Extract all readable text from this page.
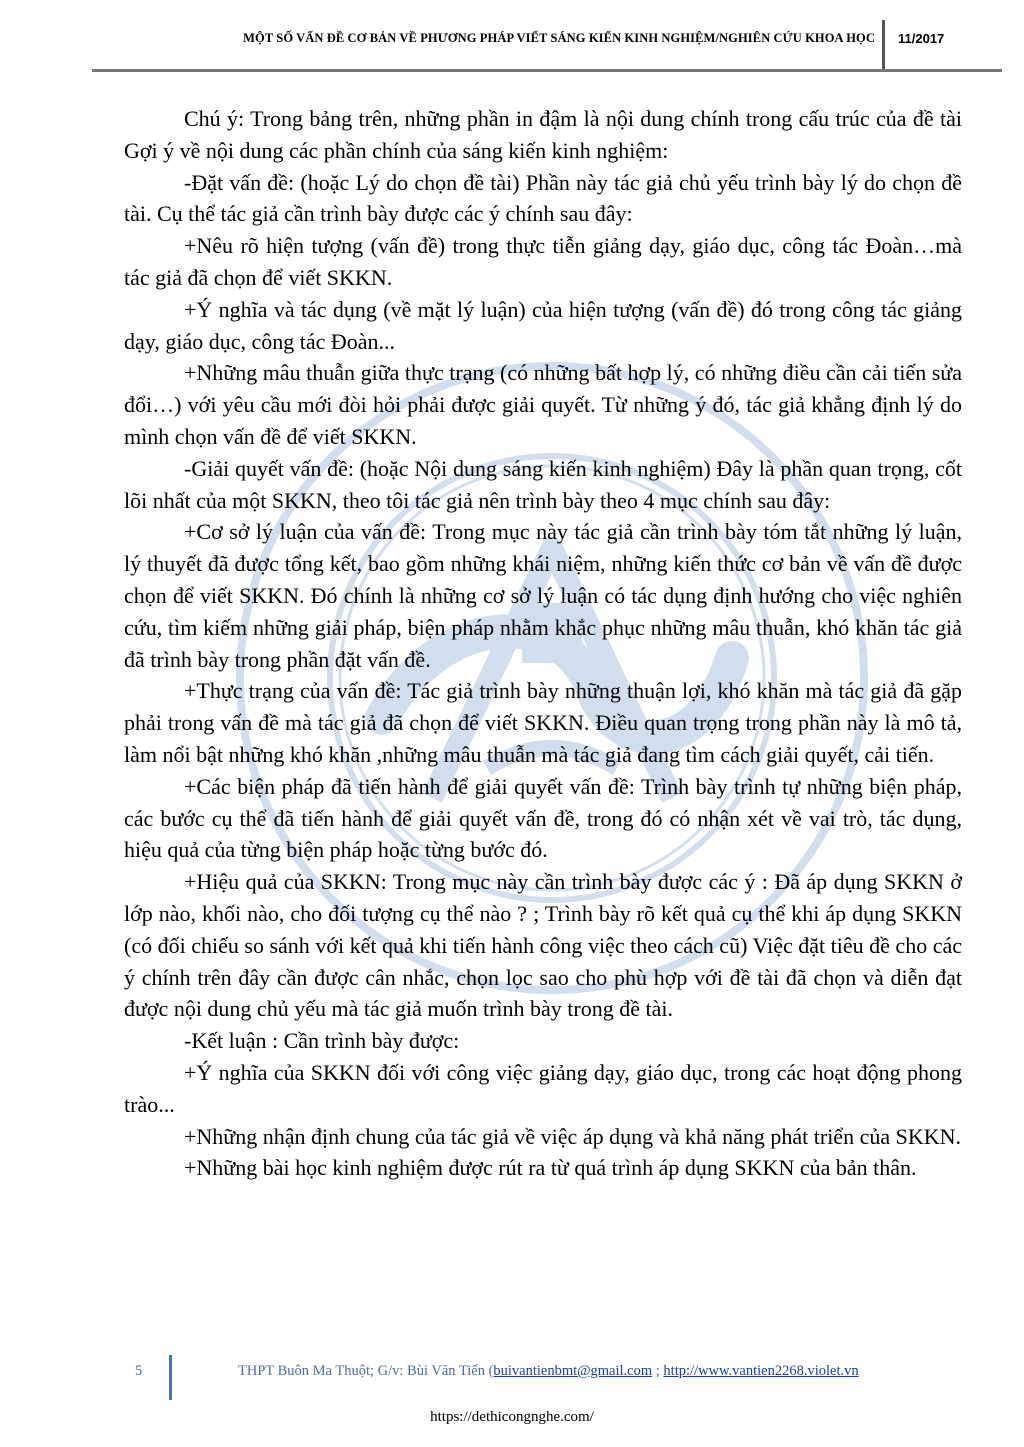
MỘT SỐ VẤN ĐỀ CƠ BẢN VỀ PHƯƠNG PHÁP VIẾT SÁNG KIẾN KINH NGHIỆM/NGHIÊN CỨU KHOA HỌC 11/2017

Chú ý: Trong bảng trên, những phần in đậm là nội dung chính trong cấu trúc của đề tài Gợi ý về nội dung các phần chính của sáng kiến kinh nghiệm:

-Đặt vấn đề: (hoặc Lý do chọn đề tài) Phần này tác giả chủ yếu trình bày lý do chọn đề tài. Cụ thể tác giả cần trình bày được các ý chính sau đây:

+Nêu rõ hiện tượng (vấn đề) trong thực tiễn giảng dạy, giáo dục, công tác Đoàn…mà tác giả đã chọn để viết SKKN.

+Ý nghĩa và tác dụng (về mặt lý luận) của hiện tượng (vấn đề) đó trong công tác giảng dạy, giáo dục, công tác Đoàn...

+Những mâu thuẫn giữa thực trạng (có những bất hợp lý, có những điều cần cải tiến sửa đổi…) với yêu cầu mới đòi hỏi phải được giải quyết. Từ những ý đó, tác giả khẳng định lý do mình chọn vấn đề để viết SKKN.

-Giải quyết vấn đề: (hoặc Nội dung sáng kiến kinh nghiệm) Đây là phần quan trọng, cốt lõi nhất của một SKKN, theo tôi tác giả nên trình bày theo 4 mục chính sau đây:

+Cơ sở lý luận của vấn đề: Trong mục này tác giả cần trình bày tóm tắt những lý luận, lý thuyết đã được tổng kết, bao gồm những khái niệm, những kiến thức cơ bản về vấn đề được chọn để viết SKKN. Đó chính là những cơ sở lý luận có tác dụng định hướng cho việc nghiên cứu, tìm kiếm những giải pháp, biện pháp nhằm khắc phục những mâu thuẫn, khó khăn tác giả đã trình bày trong phần đặt vấn đề.

+Thực trạng của vấn đề: Tác giả trình bày những thuận lợi, khó khăn mà tác giả đã gặp phải trong vấn đề mà tác giả đã chọn để viết SKKN. Điều quan trọng trong phần này là mô tả, làm nổi bật những khó khăn ,những mâu thuẫn mà tác giả đang tìm cách giải quyết, cải tiến.

+Các biện pháp đã tiến hành để giải quyết vấn đề: Trình bày trình tự những biện pháp, các bước cụ thể đã tiến hành để giải quyết vấn đề, trong đó có nhận xét về vai trò, tác dụng, hiệu quả của từng biện pháp hoặc từng bước đó.

+Hiệu quả của SKKN: Trong mục này cần trình bày được các ý : Đã áp dụng SKKN ở lớp nào, khối nào, cho đối tượng cụ thể nào ? ; Trình bày rõ kết quả cụ thể khi áp dụng SKKN (có đối chiếu so sánh với kết quả khi tiến hành công việc theo cách cũ) Việc đặt tiêu đề cho các ý chính trên đây cần được cân nhắc, chọn lọc sao cho phù hợp với đề tài đã chọn và diễn đạt được nội dung chủ yếu mà tác giả muốn trình bày trong đề tài.

-Kết luận : Cần trình bày được:

+Ý nghĩa của SKKN đối với công việc giảng dạy, giáo dục, trong các hoạt động phong trào...

+Những nhận định chung của tác giả về việc áp dụng và khả năng phát triển của SKKN.

+Những bài học kinh nghiệm được rút ra từ quá trình áp dụng SKKN của bản thân.

5	THPT Buôn Ma Thuột; G/v: Bùi Văn Tiến (buivantienbmt@gmail.com ; http://www.vantien2268.violet.vn
https://dethicongnghe.com/
